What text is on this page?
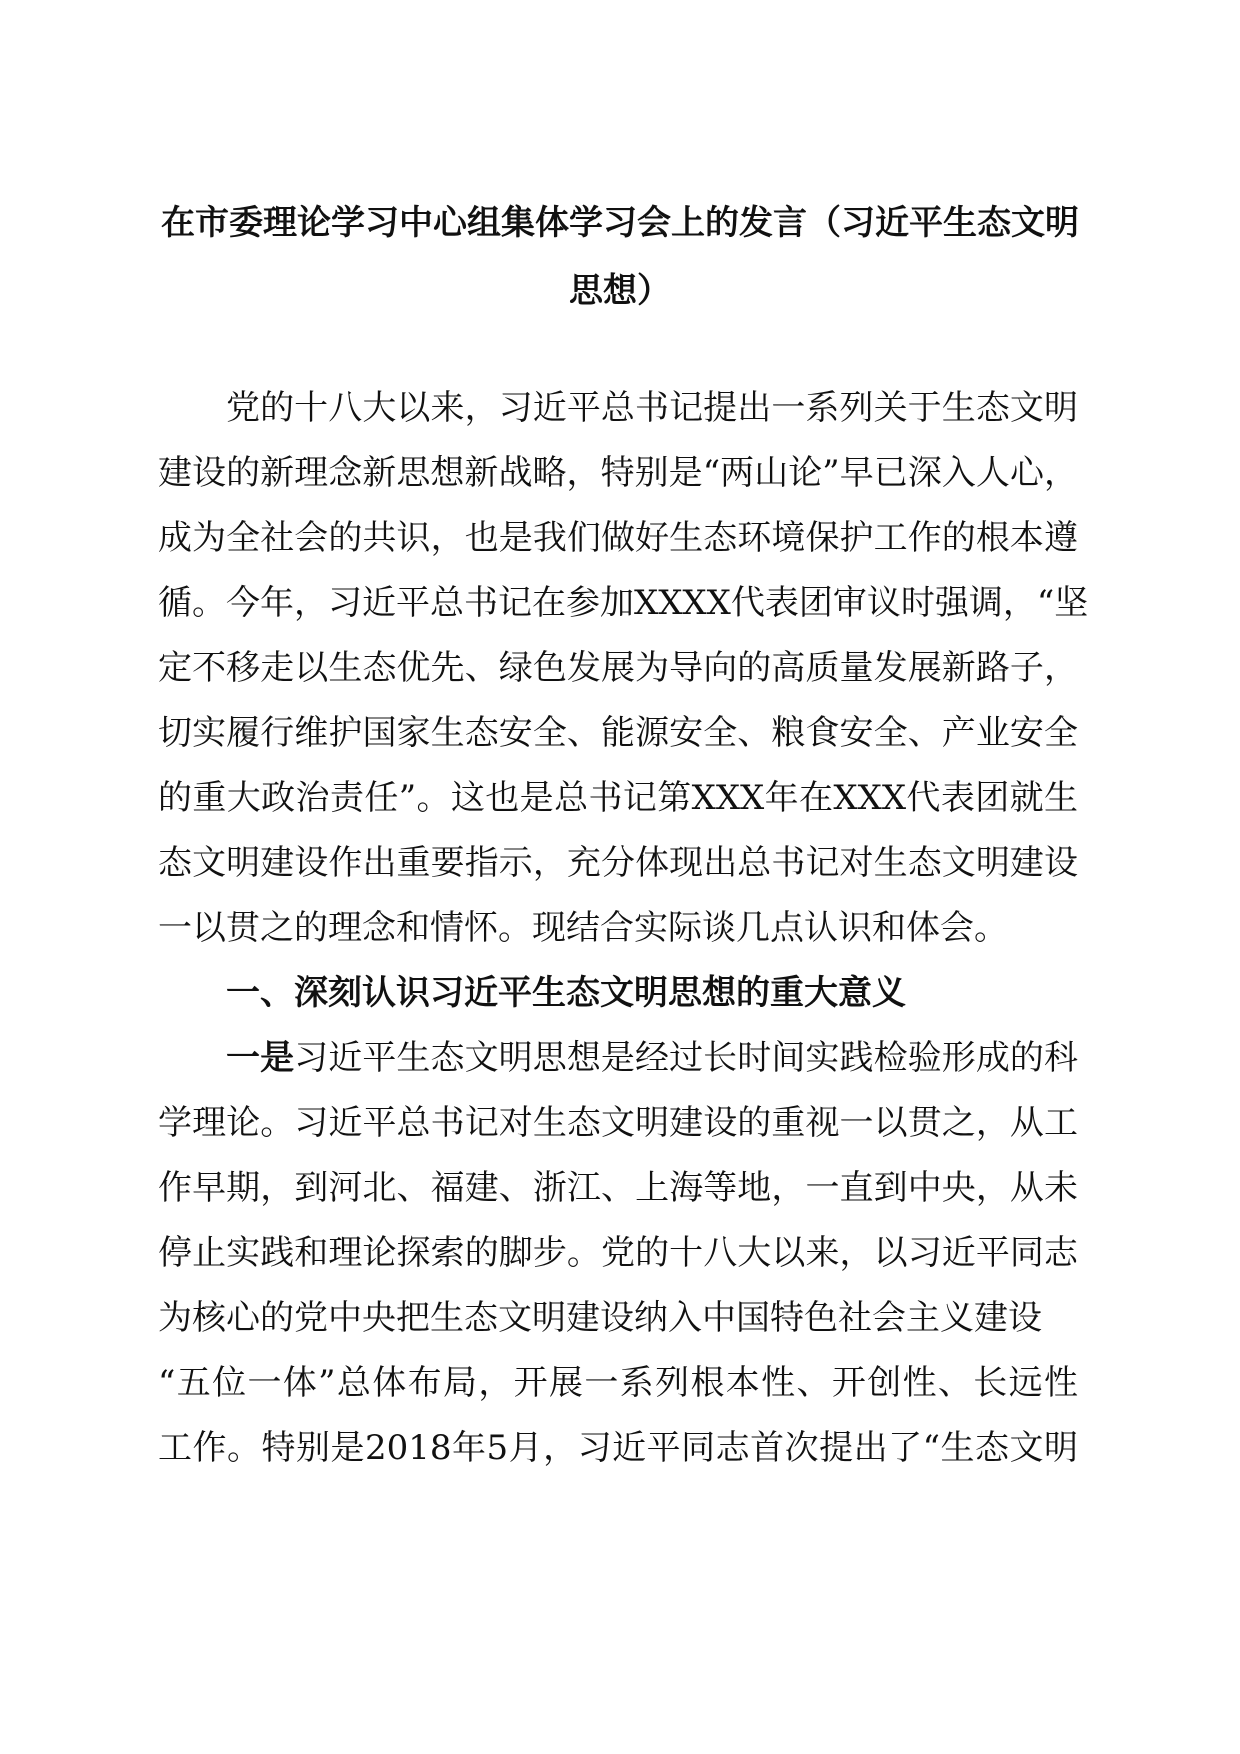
在市委理论学习中心组集体学习会上的发言（习近平生态文明
思想）
党的十八大以来，习近平总书记提出一系列关于生态文明
建设的新理念新思想新战略，特别是“两山论”早已深入人心，
成为全社会的共识，也是我们做好生态环境保护工作的根本遵
循。今年，习近平总书记在参加XXXX代表团审议时强调，“坚
定不移走以生态优先、绿色发展为导向的高质量发展新路子，
切实履行维护国家生态安全、能源安全、粮食安全、产业安全
的重大政治责任”。这也是总书记第XXX年在XXX代表团就生
态文明建设作出重要指示，充分体现出总书记对生态文明建设
一以贯之的理念和情怀。现结合实际谈几点认识和体会。
一、深刻认识习近平生态文明思想的重大意义
一是习近平生态文明思想是经过长时间实践检验形成的科
学理论。习近平总书记对生态文明建设的重视一以贯之，从工
作早期，到河北、福建、浙江、上海等地，一直到中央，从未
停止实践和理论探索的脚步。党的十八大以来，以习近平同志
为核心的党中央把生态文明建设纳入中国特色社会主义建设
“五位一体”总体布局，开展一系列根本性、开创性、长远性
工作。特别是2018年5月，习近平同志首次提出了“生态文明
